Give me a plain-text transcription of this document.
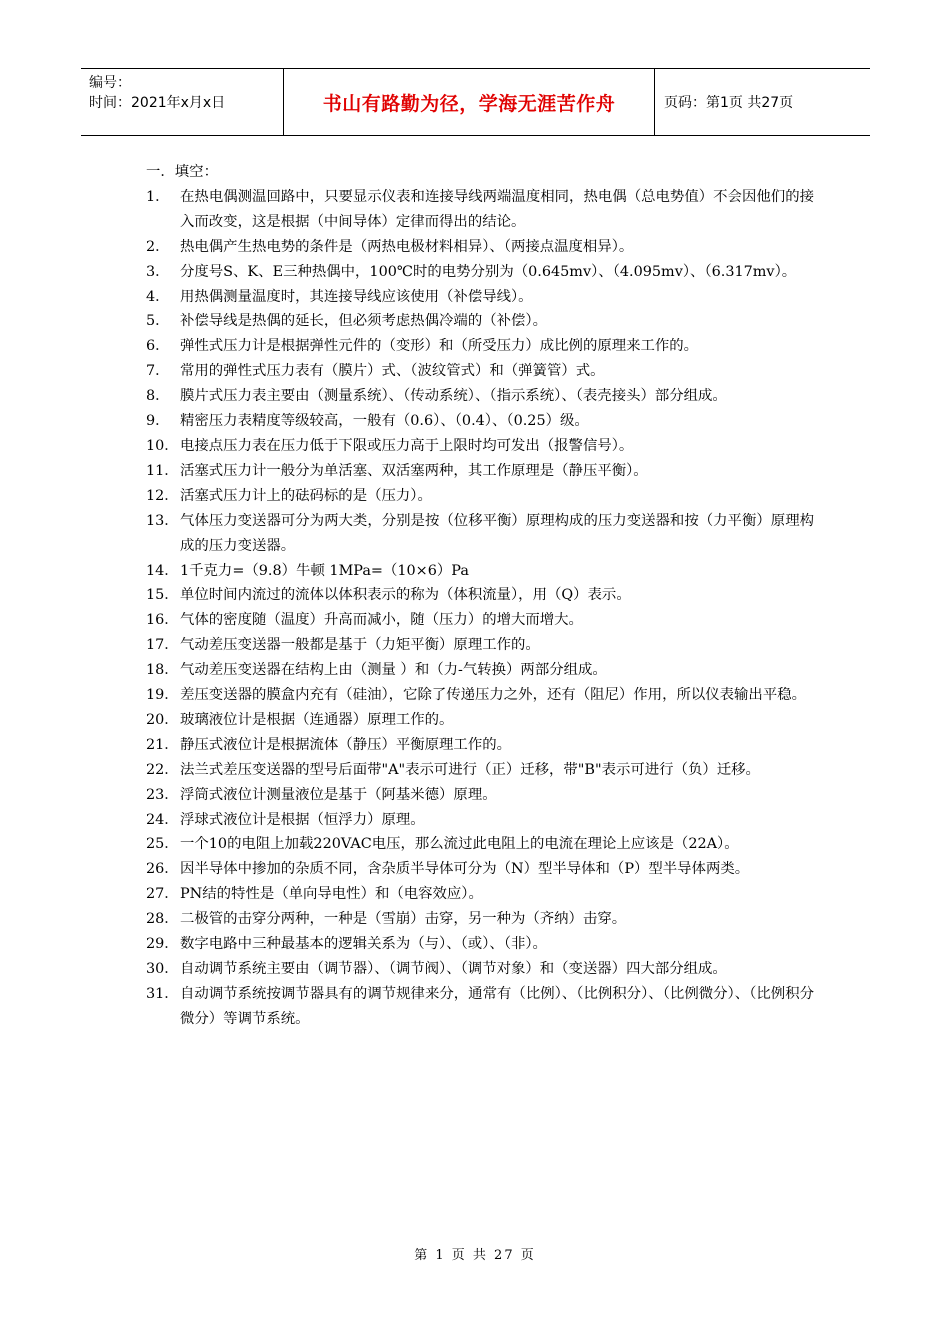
编号：
时间：2021年x月x日	书山有路勤为径，学海无涯苦作舟	页码：第1页 共27页
一．填空：
1． 在热电偶测温回路中，只要显示仪表和连接导线两端温度相同，热电偶（总电势值）不会因他们的接入而改变，这是根据（中间导体）定律而得出的结论。
2． 热电偶产生热电势的条件是（两热电极材料相异）、（两接点温度相异）。
3． 分度号S、K、E三种热偶中，100℃时的电势分别为（0.645mv）、（4.095mv）、（6.317mv）。
4． 用热偶测量温度时，其连接导线应该使用（补偿导线）。
5． 补偿导线是热偶的延长，但必须考虑热偶冷端的（补偿）。
6． 弹性式压力计是根据弹性元件的（变形）和（所受压力）成比例的原理来工作的。
7． 常用的弹性式压力表有（膜片）式、（波纹管式）和（弹簧管）式。
8． 膜片式压力表主要由（测量系统）、（传动系统）、（指示系统）、（表壳接头）部分组成。
9． 精密压力表精度等级较高，一般有（0.6）、（0.4）、（0.25）级。
10．电接点压力表在压力低于下限或压力高于上限时均可发出（报警信号）。
11．活塞式压力计一般分为单活塞、双活塞两种，其工作原理是（静压平衡）。
12．活塞式压力计上的砝码标的是（压力）。
13．气体压力变送器可分为两大类，分别是按（位移平衡）原理构成的压力变送器和按（力平衡）原理构成的压力变送器。
14．1千克力=（9.8）牛顿 1MPa=（10×6）Pa
15．单位时间内流过的流体以体积表示的称为（体积流量），用（Q）表示。
16．气体的密度随（温度）升高而减小，随（压力）的增大而增大。
17．气动差压变送器一般都是基于（力矩平衡）原理工作的。
18．气动差压变送器在结构上由（测量 ）和（力-气转换）两部分组成。
19．差压变送器的膜盒内充有（硅油），它除了传递压力之外，还有（阻尼）作用，所以仪表输出平稳。
20．玻璃液位计是根据（连通器）原理工作的。
21．静压式液位计是根据流体（静压）平衡原理工作的。
22．法兰式差压变送器的型号后面带"A"表示可进行（正）迁移，带"B"表示可进行（负）迁移。
23．浮筒式液位计测量液位是基于（阿基米德）原理。
24．浮球式液位计是根据（恒浮力）原理。
25．一个10的电阻上加载220VAC电压，那么流过此电阻上的电流在理论上应该是（22A）。
26．因半导体中掺加的杂质不同，含杂质半导体可分为（N）型半导体和（P）型半导体两类。
27．PN结的特性是（单向导电性）和（电容效应）。
28．二极管的击穿分两种，一种是（雪崩）击穿，另一种为（齐纳）击穿。
29．数字电路中三种最基本的逻辑关系为（与）、（或）、（非）。
30．自动调节系统主要由（调节器）、（调节阀）、（调节对象）和（变送器）四大部分组成。
31．自动调节系统按调节器具有的调节规律来分，通常有（比例）、（比例积分）、（比例微分）、（比例积分微分）等调节系统。
第 1 页 共 27 页
